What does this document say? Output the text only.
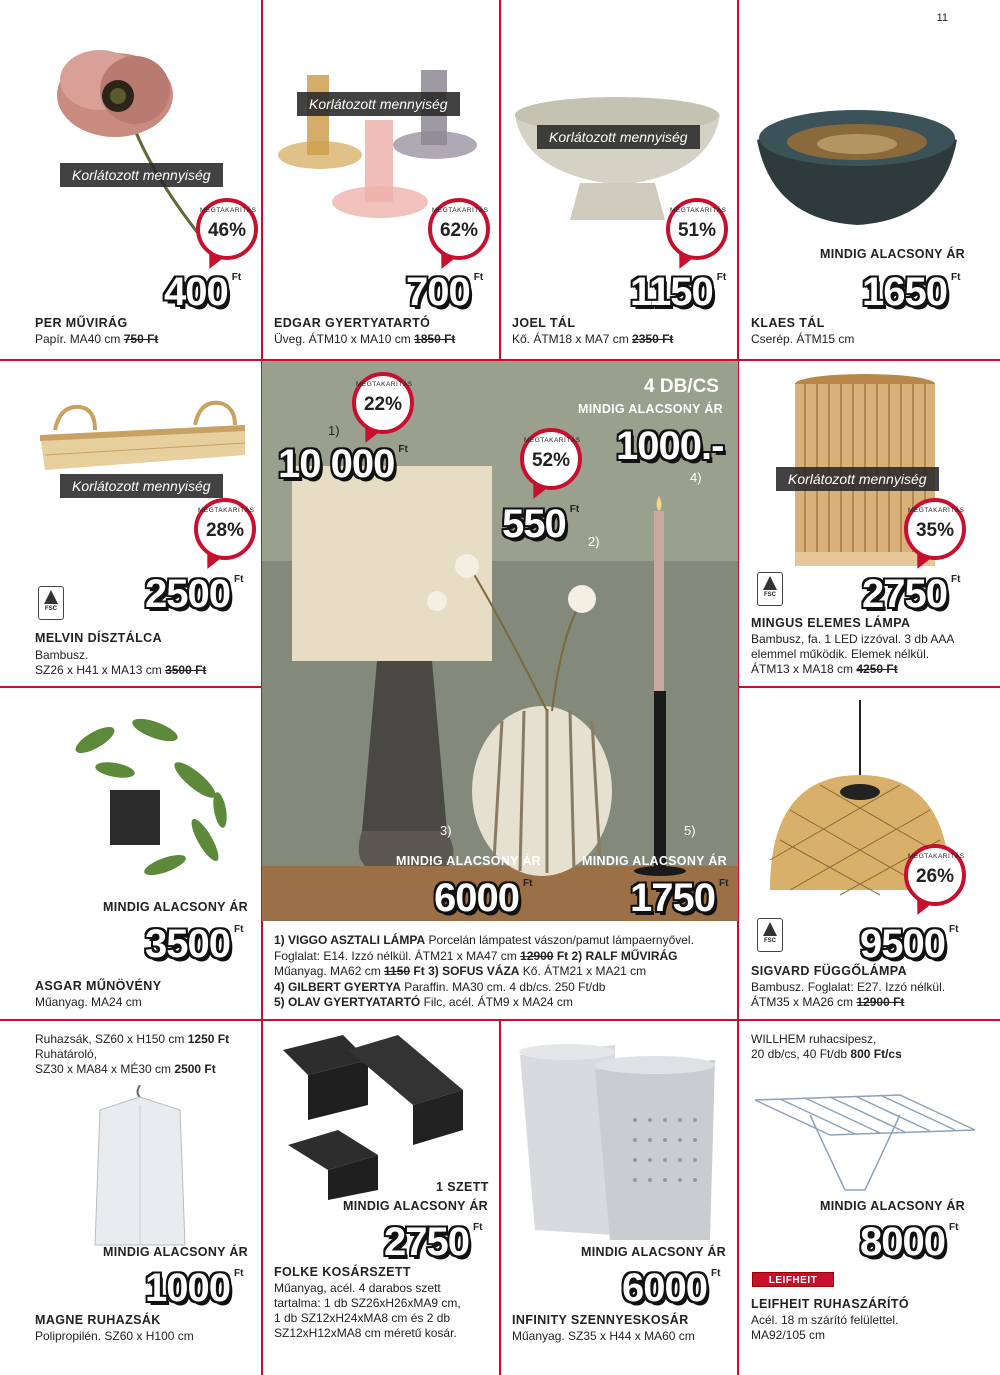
11
Korlátozott mennyiség
MEGTAKARÍTÁS
46%
400 $^{Ft}$
PER MŰVIRÁG
Papír. MA40 cm 750 Ft
Korlátozott mennyiség
MEGTAKARÍTÁS
62%
700 $^{Ft}$
EDGAR GYERTYATARTÓ
Üveg. ÁTM10 x MA10 cm 1850 Ft
Korlátozott mennyiség
MEGTAKARÍTÁS
51%
1150 $^{Ft}$
JOEL TÁL
Kő. ÁTM18 x MA7 cm 2350 Ft
MINDIG ALACSONY ÁR
1650 $^{Ft}$
KLAES TÁL
Cserép. ÁTM15 cm
Korlátozott mennyiség
MEGTAKARÍTÁS
28%
FSC 2500 $^{Ft}$
MELVIN DÍSZTÁLCA
Bambusz.
SZ26 x H41 x MA13 cm 3500 Ft
Korlátozott mennyiség
MEGTAKARÍTÁS
35%
FSC 2750 $^{Ft}$
MINGUS ELEMES LÁMPA
Bambusz, fa. 1 LED izzóval. 3 db AAA
elemmel működik. Elemek nélkül.
ÁTM13 x MA18 cm 4250 Ft
MEGTAKARÍTÁS
22%
1)
10 000 $^{Ft}$
MEGTAKARÍTÁS
52%
550 $^{Ft}$
2)
4 DB/CS
MINDIG ALACSONY ÁR
1000.-
4)
3)
MINDIG ALACSONY ÁR
6000 $^{Ft}$
5)
MINDIG ALACSONY ÁR
1750 $^{Ft}$
1) VIGGO ASZTALI LÁMPA Porcelán lámpatest vászon/pamut lámpaernyővel.
Foglalat: E14. Izzó nélkül. ÁTM21 x MA47 cm 12900 Ft 2) RALF MŰVIRÁG
Műanyag. MA62 cm 1150 Ft 3) SOFUS VÁZA Kő. ÁTM21 x MA21 cm
4) GILBERT GYERTYA Paraffin. MA30 cm. 4 db/cs. 250 Ft/db
5) OLAV GYERTYATARTÓ Filc, acél. ÁTM9 x MA24 cm
MINDIG ALACSONY ÁR
3500 $^{Ft}$
ASGAR MŰNÖVÉNY
Műanyag. MA24 cm
MEGTAKARÍTÁS
26%
FSC 9500 $^{Ft}$
SIGVARD FÜGGŐLÁMPA
Bambusz. Foglalat: E27. Izzó nélkül.
ÁTM35 x MA26 cm 12900 Ft
Ruhazsák, SZ60 x H150 cm 1250 Ft
Ruhatároló,
SZ30 x MA84 x MÉ30 cm 2500 Ft
MINDIG ALACSONY ÁR
1000 $^{Ft}$
MAGNE RUHAZSÁK
Polipropilén. SZ60 x H100 cm
1 SZETT
MINDIG ALACSONY ÁR
2750 $^{Ft}$
FOLKE KOSÁRSZETT
Műanyag, acél. 4 darabos szett
tartalma: 1 db SZ26xH26xMA9 cm,
1 db SZ12xH24xMA8 cm és 2 db
SZ12xH12xMA8 cm méretű kosár.
MINDIG ALACSONY ÁR
6000 $^{Ft}$
INFINITY SZENNYESKOSÁR
Műanyag. SZ35 x H44 x MA60 cm
WILLHEM ruhacsipesz,
20 db/cs, 40 Ft/db 800 Ft/cs
MINDIG ALACSONY ÁR
8000 $^{Ft}$
LEIFHEIT
LEIFHEIT RUHASZÁRÍTÓ
Acél. 18 m szárító felülettel.
MA92/105 cm
